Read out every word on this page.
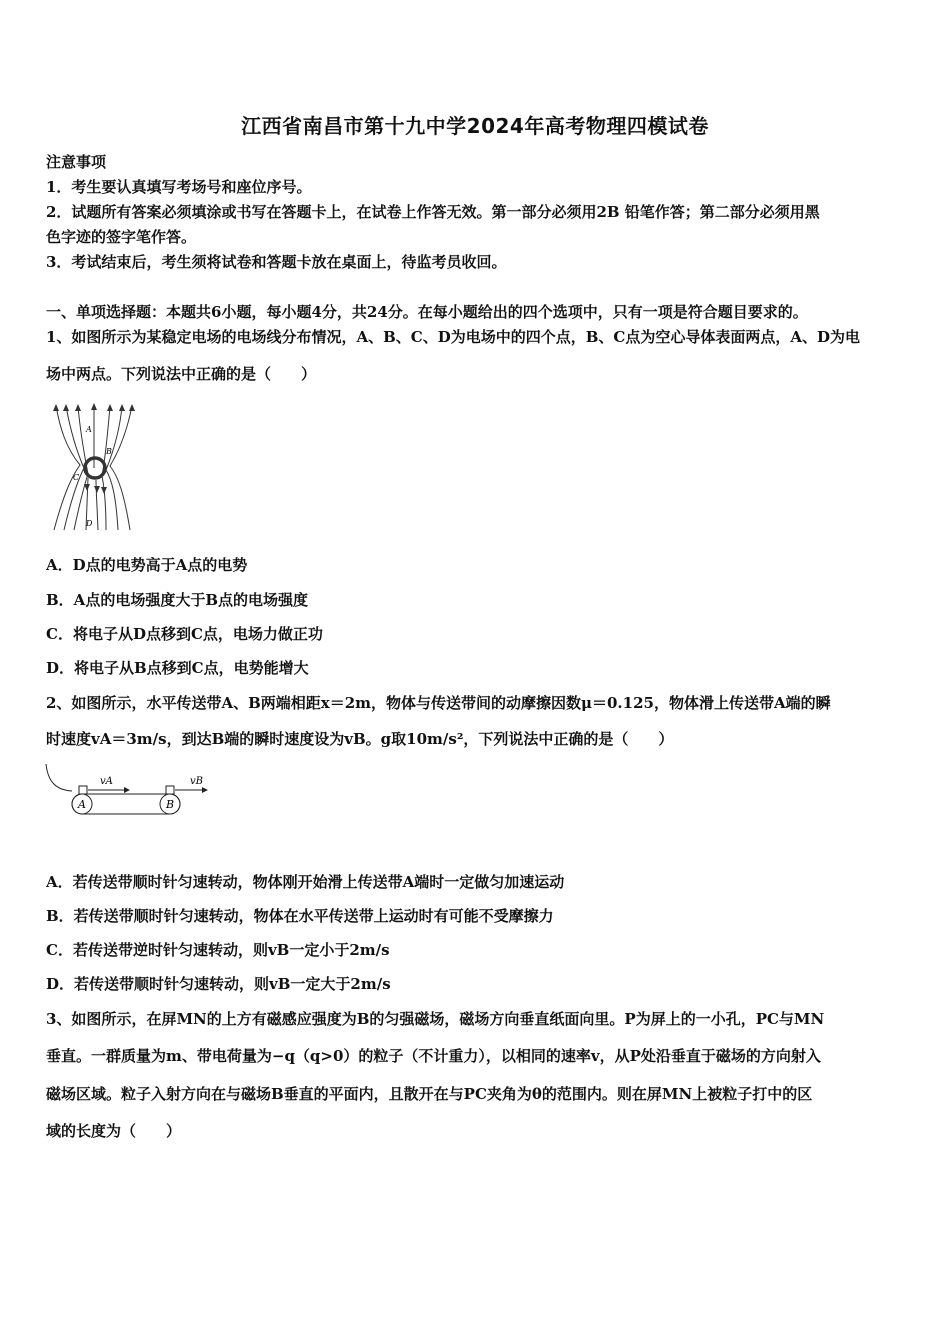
江西省南昌市第十九中学2024年高考物理四模试卷
注意事项
1．考生要认真填写考场号和座位序号。
2．试题所有答案必须填涂或书写在答题卡上，在试卷上作答无效。第一部分必须用2B 铅笔作答；第二部分必须用黑
色字迹的签字笔作答。
3．考试结束后，考生须将试卷和答题卡放在桌面上，待监考员收回。
一、单项选择题：本题共6小题，每小题4分，共24分。在每小题给出的四个选项中，只有一项是符合题目要求的。
1、如图所示为某稳定电场的电场线分布情况，A、B、C、D为电场中的四个点，B、C点为空心导体表面两点，A、D为电
场中两点。下列说法中正确的是（　　）
A
B
C
D
A．D点的电势高于A点的电势
B．A点的电场强度大于B点的电场强度
C．将电子从D点移到C点，电场力做正功
D．将电子从B点移到C点，电势能增大
2、如图所示，水平传送带A、B两端相距x＝2m，物体与传送带间的动摩擦因数μ＝0.125，物体滑上传送带A端的瞬
时速度vA＝3m/s，到达B端的瞬时速度设为vB。g取10m/s²，下列说法中正确的是（　　）
vA	vB
A	B
A．若传送带顺时针匀速转动，物体刚开始滑上传送带A端时一定做匀加速运动
B．若传送带顺时针匀速转动，物体在水平传送带上运动时有可能不受摩擦力
C．若传送带逆时针匀速转动，则vB一定小于2m/s
D．若传送带顺时针匀速转动，则vB一定大于2m/s
3、如图所示，在屏MN的上方有磁感应强度为B的匀强磁场，磁场方向垂直纸面向里。P为屏上的一小孔，PC与MN
垂直。一群质量为m、带电荷量为−q（q>0）的粒子（不计重力），以相同的速率v，从P处沿垂直于磁场的方向射入
磁场区域。粒子入射方向在与磁场B垂直的平面内，且散开在与PC夹角为θ的范围内。则在屏MN上被粒子打中的区
域的长度为（　　）
